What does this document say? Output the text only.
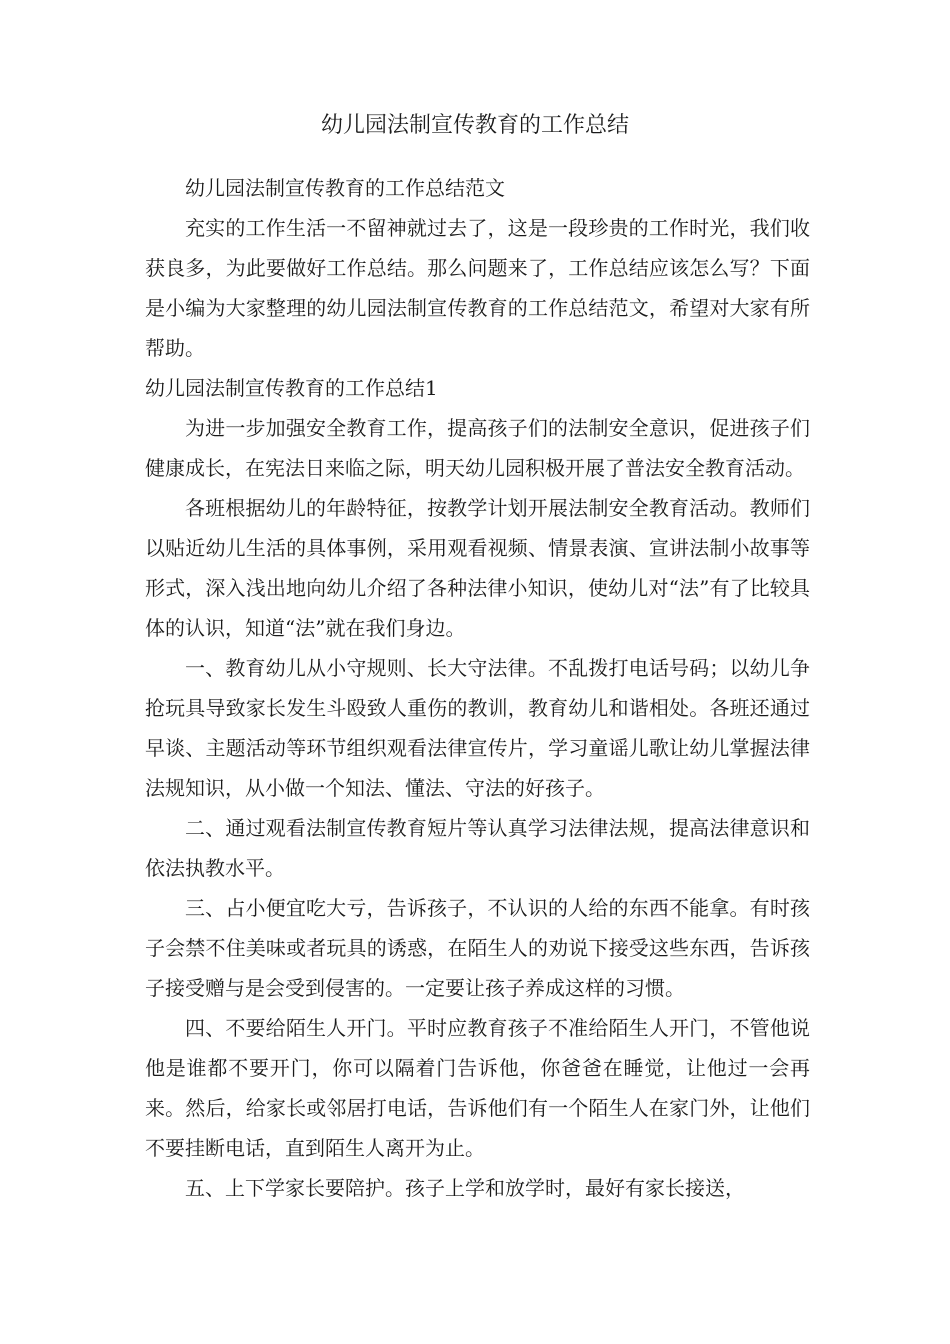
幼儿园法制宣传教育的工作总结

幼儿园法制宣传教育的工作总结范文

充实的工作生活一不留神就过去了，这是一段珍贵的工作时光，我们收获良多，为此要做好工作总结。那么问题来了，工作总结应该怎么写？下面是小编为大家整理的幼儿园法制宣传教育的工作总结范文，希望对大家有所帮助。

幼儿园法制宣传教育的工作总结1

为进一步加强安全教育工作，提高孩子们的法制安全意识，促进孩子们健康成长，在宪法日来临之际，明天幼儿园积极开展了普法安全教育活动。

各班根据幼儿的年龄特征，按教学计划开展法制安全教育活动。教师们以贴近幼儿生活的具体事例，采用观看视频、情景表演、宣讲法制小故事等形式，深入浅出地向幼儿介绍了各种法律小知识，使幼儿对“法”有了比较具体的认识，知道“法”就在我们身边。

一、教育幼儿从小守规则、长大守法律。不乱拨打电话号码；以幼儿争抢玩具导致家长发生斗殴致人重伤的教训，教育幼儿和谐相处。各班还通过早谈、主题活动等环节组织观看法律宣传片，学习童谣儿歌让幼儿掌握法律法规知识，从小做一个知法、懂法、守法的好孩子。

二、通过观看法制宣传教育短片等认真学习法律法规，提高法律意识和依法执教水平。

三、占小便宜吃大亏，告诉孩子，不认识的人给的东西不能拿。有时孩子会禁不住美味或者玩具的诱惑，在陌生人的劝说下接受这些东西，告诉孩子接受赠与是会受到侵害的。一定要让孩子养成这样的习惯。

四、不要给陌生人开门。平时应教育孩子不准给陌生人开门，不管他说他是谁都不要开门，你可以隔着门告诉他，你爸爸在睡觉，让他过一会再来。然后，给家长或邻居打电话，告诉他们有一个陌生人在家门外，让他们不要挂断电话，直到陌生人离开为止。

五、上下学家长要陪护。孩子上学和放学时，最好有家长接送，
